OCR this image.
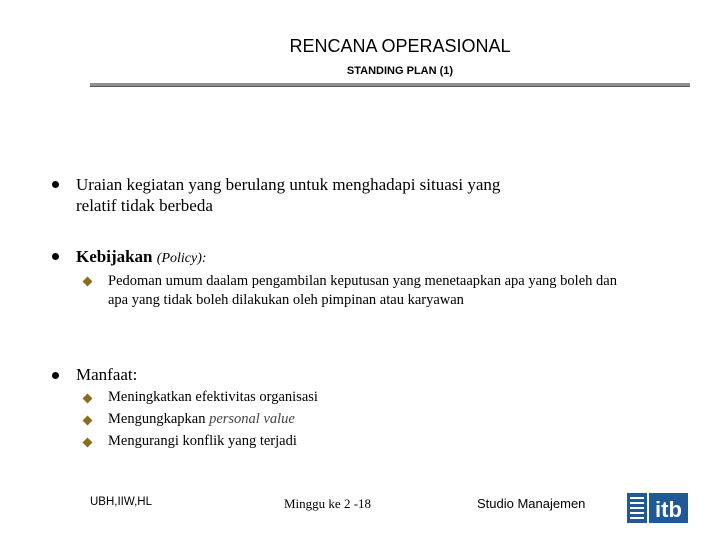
RENCANA OPERASIONAL
STANDING PLAN (1)
Uraian kegiatan yang berulang untuk menghadapi situasi yang
relatif tidak berbeda
Kebijakan (Policy):
Pedoman umum daalam pengambilan keputusan yang menetaapkan apa yang boleh dan apa yang tidak boleh dilakukan oleh pimpinan atau karyawan
Manfaat:
Meningkatkan efektivitas organisasi
Mengungkapkan personal value
Mengurangi konflik yang terjadi
UBH,IIW,HL	Minggu ke 2 -18	Studio Manajemen	itb
